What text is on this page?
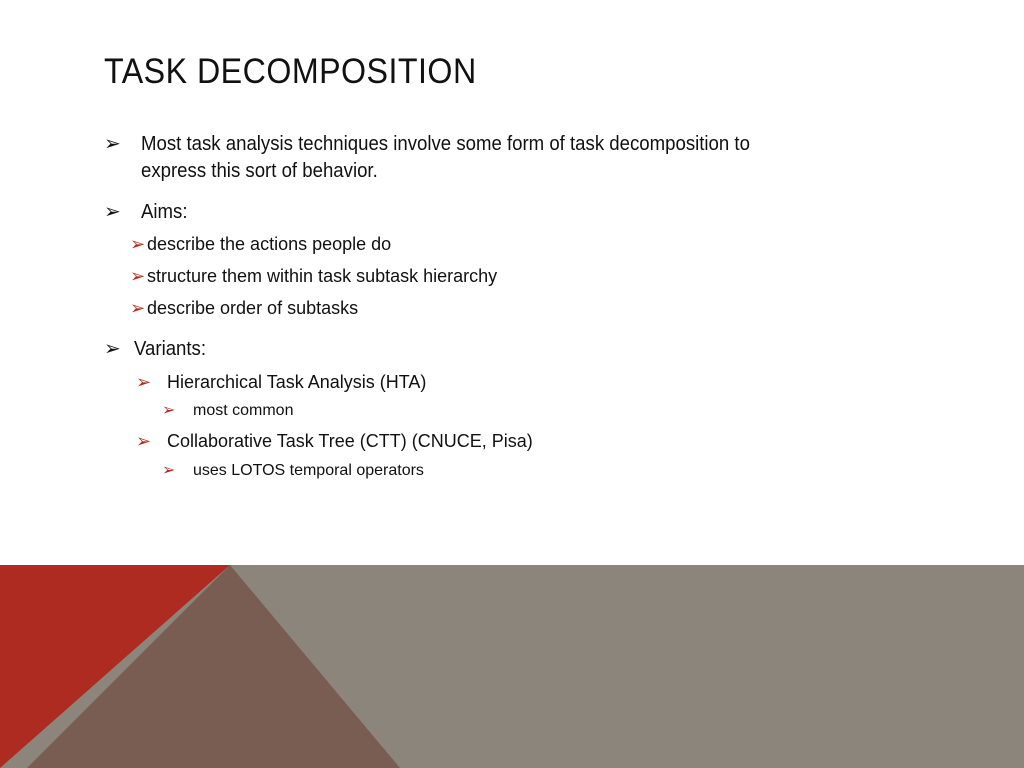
TASK DECOMPOSITION
➢ Most task analysis techniques involve some form of task decomposition to
express this sort of behavior.
➢ Aims:
➢ describe the actions people do
➢ structure them within task subtask hierarchy
➢ describe order of subtasks
➢ Variants:
➢ Hierarchical Task Analysis (HTA)
➢ most common
➢ Collaborative Task Tree (CTT) (CNUCE, Pisa)
➢ uses LOTOS temporal operators
